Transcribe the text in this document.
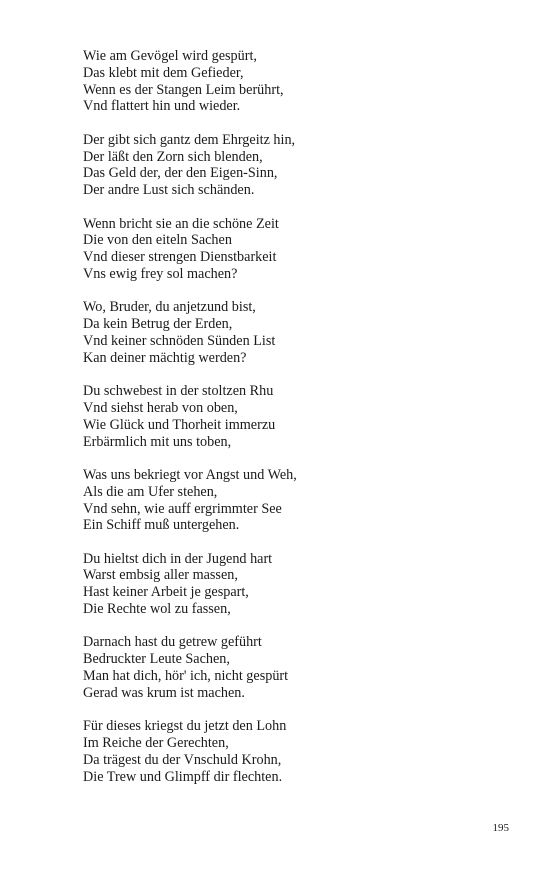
Wie am Gevögel wird gespürt,
Das klebt mit dem Gefieder,
Wenn es der Stangen Leim berührt,
Vnd flattert hin und wieder.
Der gibt sich gantz dem Ehrgeitz hin,
Der läßt den Zorn sich blenden,
Das Geld der, der den Eigen-Sinn,
Der andre Lust sich schänden.
Wenn bricht sie an die schöne Zeit
Die von den eiteln Sachen
Vnd dieser strengen Dienstbarkeit
Vns ewig frey sol machen?
Wo, Bruder, du anjetzund bist,
Da kein Betrug der Erden,
Vnd keiner schnöden Sünden List
Kan deiner mächtig werden?
Du schwebest in der stoltzen Rhu
Vnd siehst herab von oben,
Wie Glück und Thorheit immerzu
Erbärmlich mit uns toben,
Was uns bekriegt vor Angst und Weh,
Als die am Ufer stehen,
Vnd sehn, wie auff ergrimmter See
Ein Schiff muß untergehen.
Du hieltst dich in der Jugend hart
Warst embsig aller massen,
Hast keiner Arbeit je gespart,
Die Rechte wol zu fassen,
Darnach hast du getrew geführt
Bedruckter Leute Sachen,
Man hat dich, hör' ich, nicht gespürt
Gerad was krum ist machen.
Für dieses kriegst du jetzt den Lohn
Im Reiche der Gerechten,
Da trägest du der Vnschuld Krohn,
Die Trew und Glimpff dir flechten.
195
